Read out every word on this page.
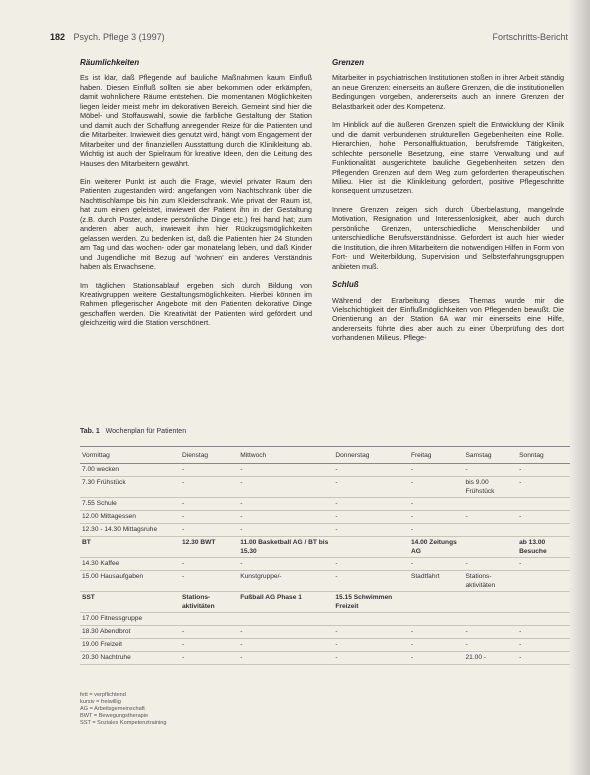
182 Psych. Pflege 3 (1997)	Fortschritts-Bericht
Räumlichkeiten

Es ist klar, daß Pflegende auf bauliche Maßnahmen kaum Einfluß haben. Diesen Einfluß sollten sie aber bekommen oder erkämpfen, damit wohnlichere Räume entstehen. Die momentanen Möglichkeiten liegen leider meist mehr im dekorativen Bereich. Gemeint sind hier die Möbel- und Stoffauswahl, sowie die farbliche Gestaltung der Station und damit auch der Schaffung anregender Reize für die Patienten und die Mitarbeiter. Inwieweit dies genutzt wird, hängt vom Engagement der Mitarbeiter und der finanziellen Ausstattung durch die Klinikleitung ab. Wichtig ist auch der Spielraum für kreative Ideen, den die Leitung des Hauses den Mitarbeitern gewährt.

Ein weiterer Punkt ist auch die Frage, wieviel privater Raum den Patienten zugestanden wird: angefangen vom Nachtschrank über die Nachttischlampe bis hin zum Kleiderschrank. Wie privat der Raum ist, hat zum einen geleistet, inwieweit der Patient ihn in der Gestaltung (z.B. durch Poster, andere persönliche Dinge etc.) frei hand hat; zum anderen aber auch, inwieweit ihm hier Rückzugsmöglichkeiten gelassen werden. Zu bedenken ist, daß die Patienten hier 24 Stunden am Tag und das wochen- oder gar monatelang leben, und daß Kinder und Jugendliche mit Bezug auf 'wohnen' ein anderes Verständnis haben als Erwachsene.

Im täglichen Stationsablauf ergeben sich durch Bildung von Kreativgruppen weitere Gestaltungsmöglichkeiten. Hierbei können im Rahmen pflegerischer Angebote mit den Patienten dekorative Dinge geschaffen werden. Die Kreativität der Patienten wird gefördert und gleichzeitig wird die Station verschönert.

Grenzen

Mitarbeiter in psychiatrischen Institutionen stoßen in ihrer Arbeit ständig an neue Grenzen: einerseits an äußere Grenzen, die die institutionellen Bedingungen vorgeben, andererseits auch an innere Grenzen der Belastbarkeit oder des Kompetenz.

Im Hinblick auf die äußeren Grenzen spielt die Entwicklung der Klinik und die damit verbundenen strukturellen Gegebenheiten eine Rolle. Hierarchien, hohe Personalfluktuation, berufsfremde Tätigkeiten, schlechte personelle Besetzung, eine starre Verwaltung und auf Funktionalität ausgerichtete bauliche Gegebenheiten setzen den Pflegenden Grenzen auf dem Weg zum geforderten therapeutischen Milieu. Hier ist die Klinikleitung gefordert, positive Pflegeschritte konsequent umzusetzen.

Innere Grenzen zeigen sich durch Überbelastung, mangelnde Motivation, Resignation und Interessenlosigkeit, aber auch durch persönliche Grenzen, unterschiedliche Menschenbilder und unterschiedliche Berufsverständnisse. Gefordert ist auch hier wieder die Institution, die ihren Mitarbeitern die notwendigen Hilfen in Form von Fort- und Weiterbildung, Supervision und Selbsterfahrungsgruppen anbieten muß.

Schluß

Während der Erarbeitung dieses Themas wurde mir die Vielschichtigkeit der Einflußmöglichkeiten von Pflegenden bewußt. Die Orientierung an der Station 6A war mir einerseits eine Hilfe, andererseits führte dies aber auch zu einer Überprüfung des dort vorhandenen Milieus. Pflege-

Tab. 1 Wochenplan für Patienten
Vormittag	Dienstag	Mittwoch	Donnerstag	Freitag	Samstag	Sonntag
7.00 wecken	-	-	-	-	-	-
7.30 Frühstück	-	-	-	-	bis 9.00 Frühstück	-
7.55 Schule	-	-	-	-		
12.00 Mittagessen	-	-	-	-	-	-
12.30 - 14.30 Mittagsruhe	-	-	-	-		
BT	12.30 BWT	11.00 Basketball AG / BT bis 15.30		14.00 Zeitungs AG		ab 13.00 Besuche
14.30 Kaffee	-	-	-	-	-	-
15.00 Hausaufgaben	-	Kunstgruppe/-	-	Stadtfahrt	Stations-aktivitäten	
SST	Stations-aktivitäten	Fußball AG Phase 1	15.15 Schwimmen Freizeit			
17.00 Fitnessgruppe						
18.30 Abendbrot	-	-	-	-	-	-
19.00 Freizeit	-	-	-	-	-	-
20.30 Nachtruhe	-	-	-	-	21.00 -	-
fett = verpflichtend
kursiv = freiwillig
AG = Arbeitsgemeinschaft
BWT = Bewegungstherapie
SST = Soziales Kompetenztraining
